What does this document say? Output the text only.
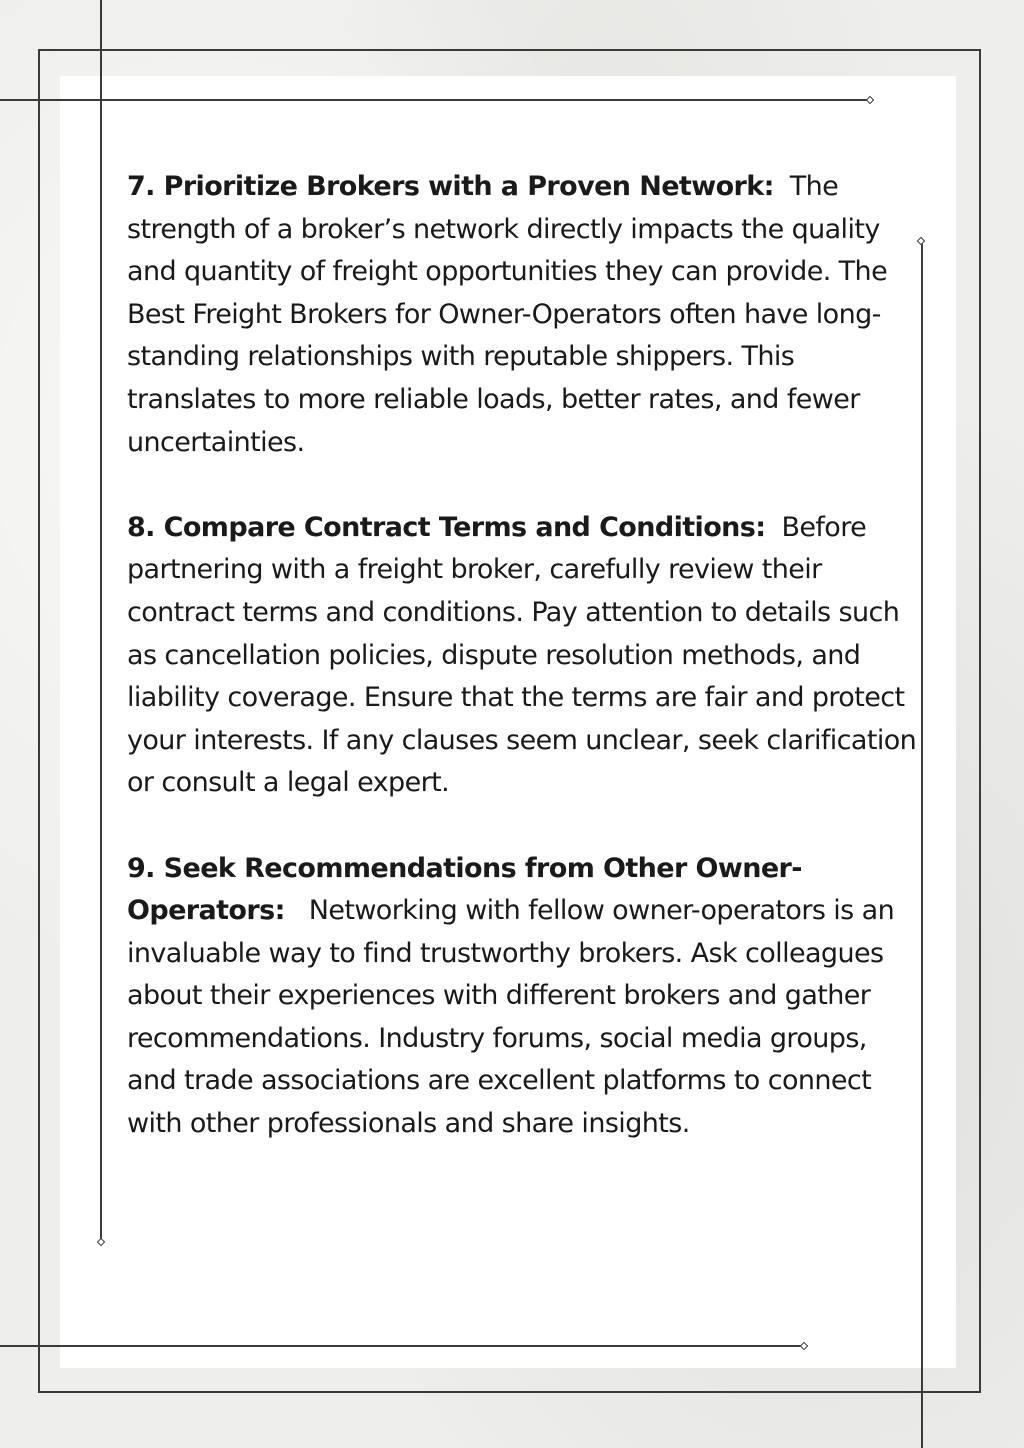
7. Prioritize Brokers with a Proven Network: The strength of a broker’s network directly impacts the quality and quantity of freight opportunities they can provide. The Best Freight Brokers for Owner-Operators often have long-standing relationships with reputable shippers. This translates to more reliable loads, better rates, and fewer uncertainties.

8. Compare Contract Terms and Conditions: Before partnering with a freight broker, carefully review their contract terms and conditions. Pay attention to details such as cancellation policies, dispute resolution methods, and liability coverage. Ensure that the terms are fair and protect your interests. If any clauses seem unclear, seek clarification or consult a legal expert.

9. Seek Recommendations from Other Owner-Operators: Networking with fellow owner-operators is an invaluable way to find trustworthy brokers. Ask colleagues about their experiences with different brokers and gather recommendations. Industry forums, social media groups, and trade associations are excellent platforms to connect with other professionals and share insights.
